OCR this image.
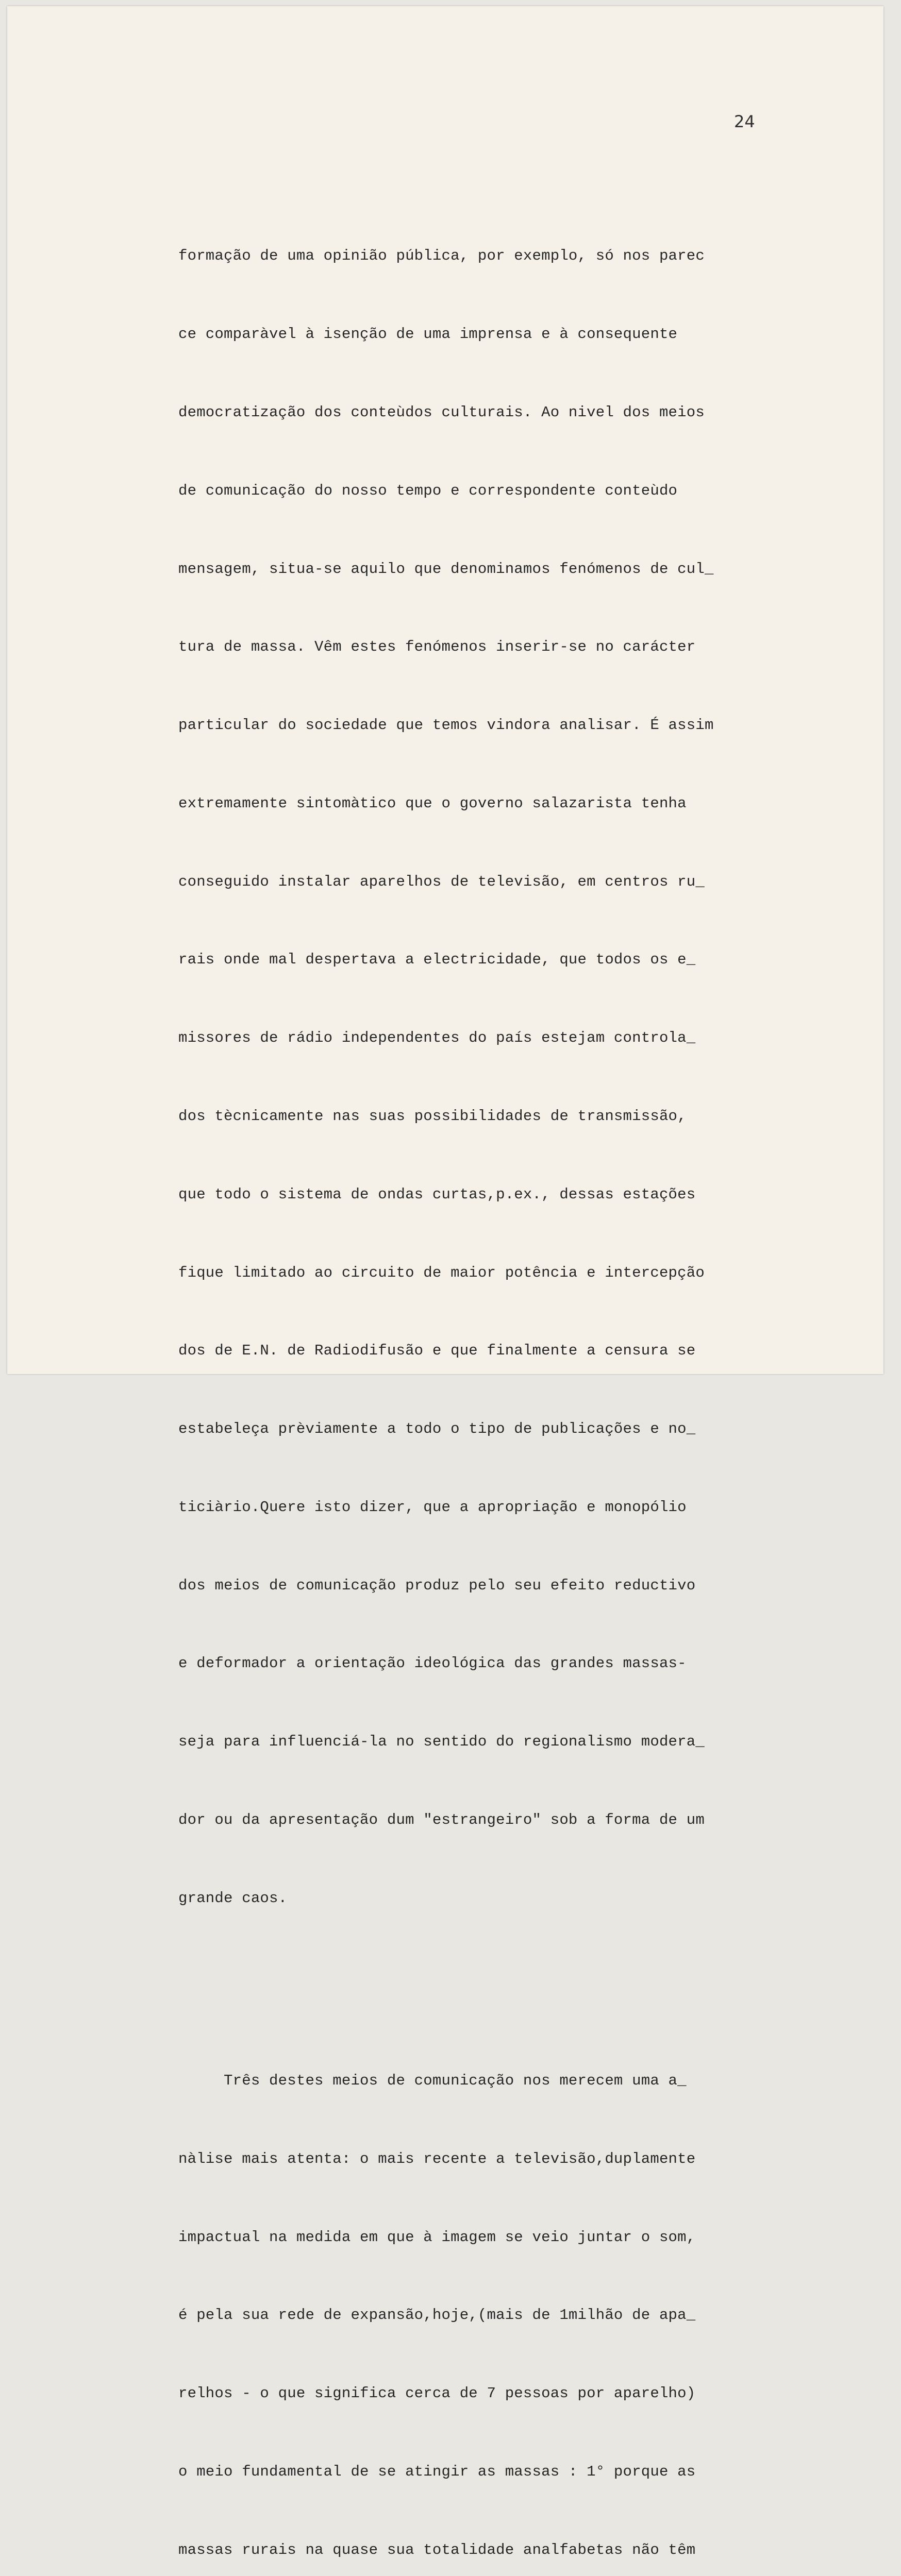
24

formação de uma opinião pública, por exemplo, só nos parec

ce comparàvel à isenção de uma imprensa e à consequente

democratização dos conteùdos culturais. Ao nivel dos meios

de comunicação do nosso tempo e correspondente conteùdo

mensagem, situa-se aquilo que denominamos fenómenos de cul_

tura de massa. Vêm estes fenómenos inserir-se no carácter

particular do sociedade que temos vindora analisar. É assim

extremamente sintomàtico que o governo salazarista tenha

conseguido instalar aparelhos de televisão, em centros ru_

rais onde mal despertava a electricidade, que todos os e_

missores de rádio independentes do país estejam controla_

dos tècnicamente nas suas possibilidades de transmissão,

que todo o sistema de ondas curtas,p.ex., dessas estações

fique limitado ao circuito de maior potência e intercepção

dos de E.N. de Radiodifusão e que finalmente a censura se

estabeleça prèviamente a todo o tipo de publicações e no_

ticiàrio.Quere isto dizer, que a apropriação e monopólio

dos meios de comunicação produz pelo seu efeito reductivo

e deformador a orientação ideológica das grandes massas-

seja para influenciá-la no sentido do regionalismo modera_

dor ou da apresentação dum "estrangeiro" sob a forma de um

grande caos.

Três destes meios de comunicação nos merecem uma a_

nàlise mais atenta: o mais recente a televisão,duplamente

impactual na medida em que à imagem se veio juntar o som,

é pela sua rede de expansão,hoje,(mais de 1milhão de apa_

relhos - o que significa cerca de 7 pessoas por aparelho)

o meio fundamental de se atingir as massas : 1° porque as

massas rurais na quase sua totalidade analfabetas não têm
